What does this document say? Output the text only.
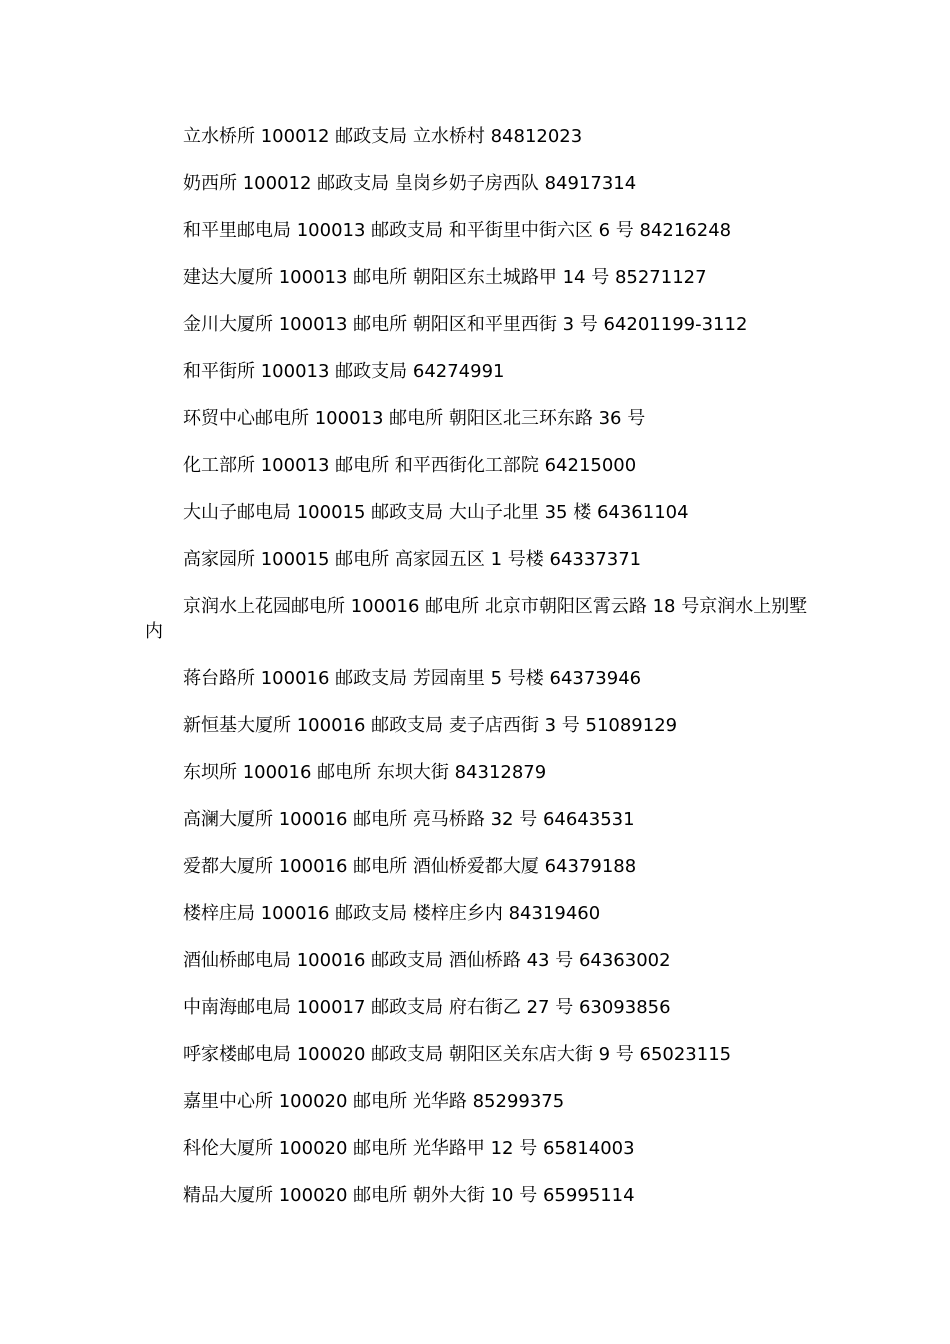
立水桥所 100012 邮政支局 立水桥村 84812023

奶西所 100012 邮政支局 皇岗乡奶子房西队 84917314

和平里邮电局 100013 邮政支局 和平街里中街六区 6 号 84216248

建达大厦所 100013 邮电所 朝阳区东土城路甲 14 号 85271127

金川大厦所 100013 邮电所 朝阳区和平里西街 3 号 64201199-3112

和平街所 100013 邮政支局 64274991

环贸中心邮电所 100013 邮电所 朝阳区北三环东路 36 号

化工部所 100013 邮电所 和平西街化工部院 64215000

大山子邮电局 100015 邮政支局 大山子北里 35 楼 64361104

高家园所 100015 邮电所 高家园五区 1 号楼 64337371

京润水上花园邮电所 100016 邮电所 北京市朝阳区霄云路 18 号京润水上别墅内

蒋台路所 100016 邮政支局 芳园南里 5 号楼 64373946

新恒基大厦所 100016 邮政支局 麦子店西街 3 号 51089129

东坝所 100016 邮电所 东坝大街 84312879

高澜大厦所 100016 邮电所 亮马桥路 32 号 64643531

爱都大厦所 100016 邮电所 酒仙桥爱都大厦 64379188

楼梓庄局 100016 邮政支局 楼梓庄乡内 84319460

酒仙桥邮电局 100016 邮政支局 酒仙桥路 43 号 64363002

中南海邮电局 100017 邮政支局 府右街乙 27 号 63093856

呼家楼邮电局 100020 邮政支局 朝阳区关东店大街 9 号 65023115

嘉里中心所 100020 邮电所 光华路 85299375

科伦大厦所 100020 邮电所 光华路甲 12 号 65814003

精品大厦所 100020 邮电所 朝外大街 10 号 65995114
